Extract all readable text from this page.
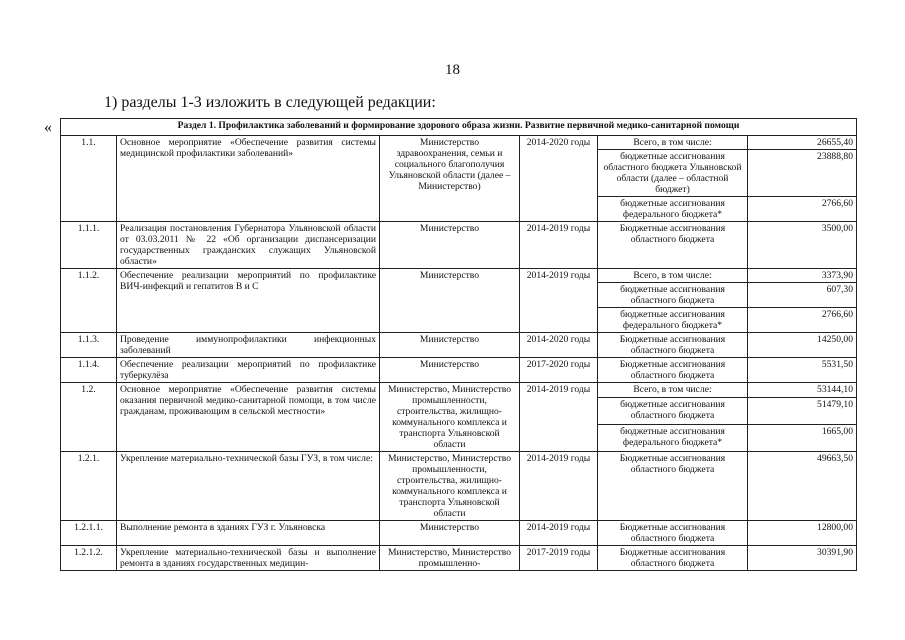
18
1) разделы 1-3 изложить в следующей редакции:
«	Раздел 1. Профилактика заболеваний и формирование здорового образа жизни. Развитие первичной медико-санитарной помощи					
1.1.	Основное мероприятие «Обеспечение развития системы медицинской профилактики заболеваний»	Министерство здравоохранения, семьи и социального благополучия Ульяновской области (далее – Министерство)	2014-2020 годы	Всего, в том числе:	26655,40
				бюджетные ассигнования областного бюджета Ульяновской области (далее – областной бюджет)	23888,80
				бюджетные ассигнования федерального бюджета*	2766,60
1.1.1.	Реализация постановления Губернатора Ульяновской области от 03.03.2011 № 22 «Об организации диспансеризации государственных гражданских служащих Ульяновской области»	Министерство	2014-2019 годы	Бюджетные ассигнования областного бюджета	3500,00
1.1.2.	Обеспечение реализации мероприятий по профилактике ВИЧ-инфекций и гепатитов В и С	Министерство	2014-2019 годы	Всего, в том числе:	3373,90
				бюджетные ассигнования областного бюджета	607,30
				бюджетные ассигнования федерального бюджета*	2766,60
1.1.3.	Проведение иммунопрофилактики инфекционных заболеваний	Министерство	2014-2020 годы	Бюджетные ассигнования областного бюджета	14250,00
1.1.4.	Обеспечение реализации мероприятий по профилактике туберкулёза	Министерство	2017-2020 годы	Бюджетные ассигнования областного бюджета	5531,50
1.2.	Основное мероприятие «Обеспечение развития системы оказания первичной медико-санитарной помощи, в том числе гражданам, проживающим в сельской местности»	Министерство, Министерство промышленности, строительства, жилищно-коммунального комплекса и транспорта Ульяновской области	2014-2019 годы	Всего, в том числе:	53144,10
				бюджетные ассигнования областного бюджета	51479,10
				бюджетные ассигнования федерального бюджета*	1665,00
1.2.1.	Укрепление материально-технической базы ГУЗ, в том числе:	Министерство, Министерство промышленности, строительства, жилищно-коммунального комплекса и транспорта Ульяновской области	2014-2019 годы	Бюджетные ассигнования областного бюджета	49663,50
1.2.1.1.	Выполнение ремонта в зданиях ГУЗ г. Ульяновска	Министерство	2014-2019 годы	Бюджетные ассигнования областного бюджета	12800,00
1.2.1.2.	Укрепление материально-технической базы и выполнение ремонта в зданиях государственных медицин-	Министерство, Министерство промышленно-	2017-2019 годы	Бюджетные ассигнования областного бюджета	30391,90
